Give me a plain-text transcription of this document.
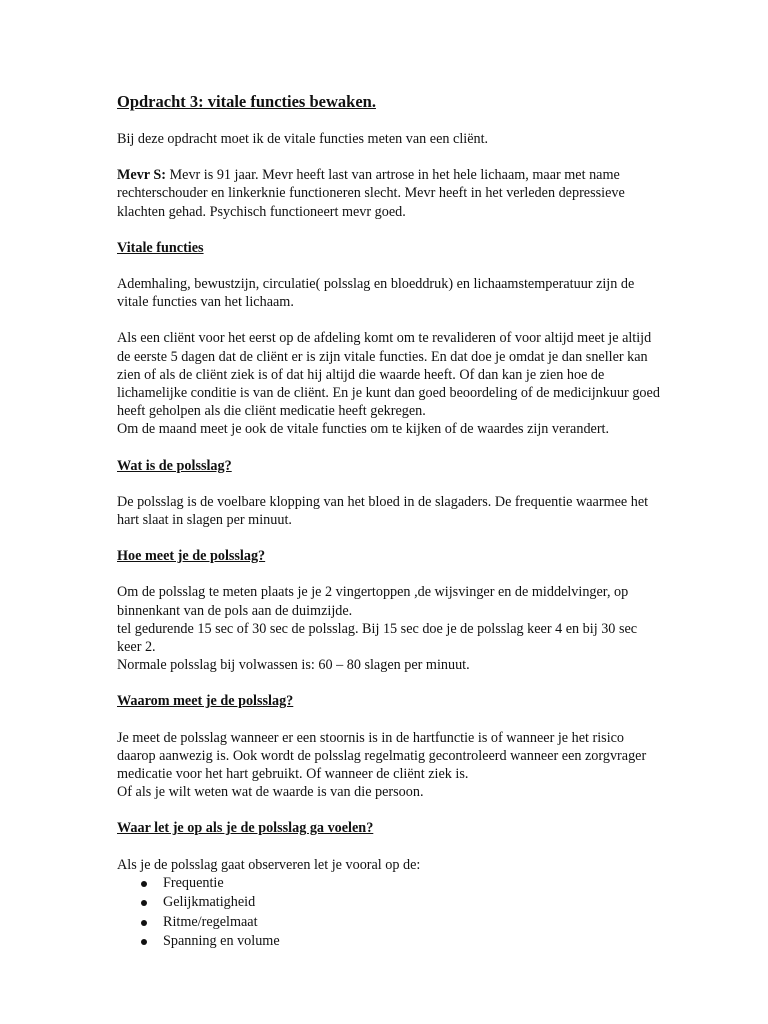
Opdracht 3: vitale functies bewaken.

Bij deze opdracht moet ik de vitale functies meten van een cliënt.

Mevr S: Mevr is 91 jaar. Mevr heeft last van artrose in het hele lichaam, maar met name rechterschouder en linkerknie functioneren slecht. Mevr heeft in het verleden depressieve klachten gehad. Psychisch functioneert mevr goed.

Vitale functies

Ademhaling, bewustzijn, circulatie( polsslag en bloeddruk) en lichaamstemperatuur zijn de vitale functies van het lichaam.

Als een cliënt voor het eerst op de afdeling komt om te revalideren of voor altijd meet je altijd de eerste 5 dagen dat de cliënt er is zijn vitale functies. En dat doe je omdat je dan sneller kan zien of als de cliënt ziek is of dat hij altijd die waarde heeft. Of dan kan je zien hoe de lichamelijke conditie is van de cliënt. En je kunt dan goed beoordeling of de medicijnkuur goed heeft geholpen als die cliënt medicatie heeft gekregen.
Om de maand meet je ook de vitale functies om te kijken of de waardes zijn verandert.

Wat is de polsslag?

De polsslag is de voelbare klopping van het bloed in de slagaders. De frequentie waarmee het hart slaat in slagen per minuut.

Hoe meet je de polsslag?

Om de polsslag te meten plaats je je 2 vingertoppen ,de wijsvinger en de middelvinger, op binnenkant van de pols aan de duimzijde.
tel gedurende 15 sec of 30 sec de polsslag. Bij 15 sec doe je de polsslag keer 4 en bij 30 sec keer 2.
Normale polsslag bij volwassen is: 60 – 80 slagen per minuut.

Waarom meet je de polsslag?

Je meet de polsslag wanneer er een stoornis is in de hartfunctie is of wanneer je het risico daarop aanwezig is. Ook wordt de polsslag regelmatig gecontroleerd wanneer een zorgvrager medicatie voor het hart gebruikt. Of wanneer de cliënt ziek is.
Of als je wilt weten wat de waarde is van die persoon.

Waar let je op als je de polsslag ga voelen?
Als je de polsslag gaat observeren let je vooral op de:
Frequentie
Gelijkmatigheid
Ritme/regelmaat
Spanning en volume
